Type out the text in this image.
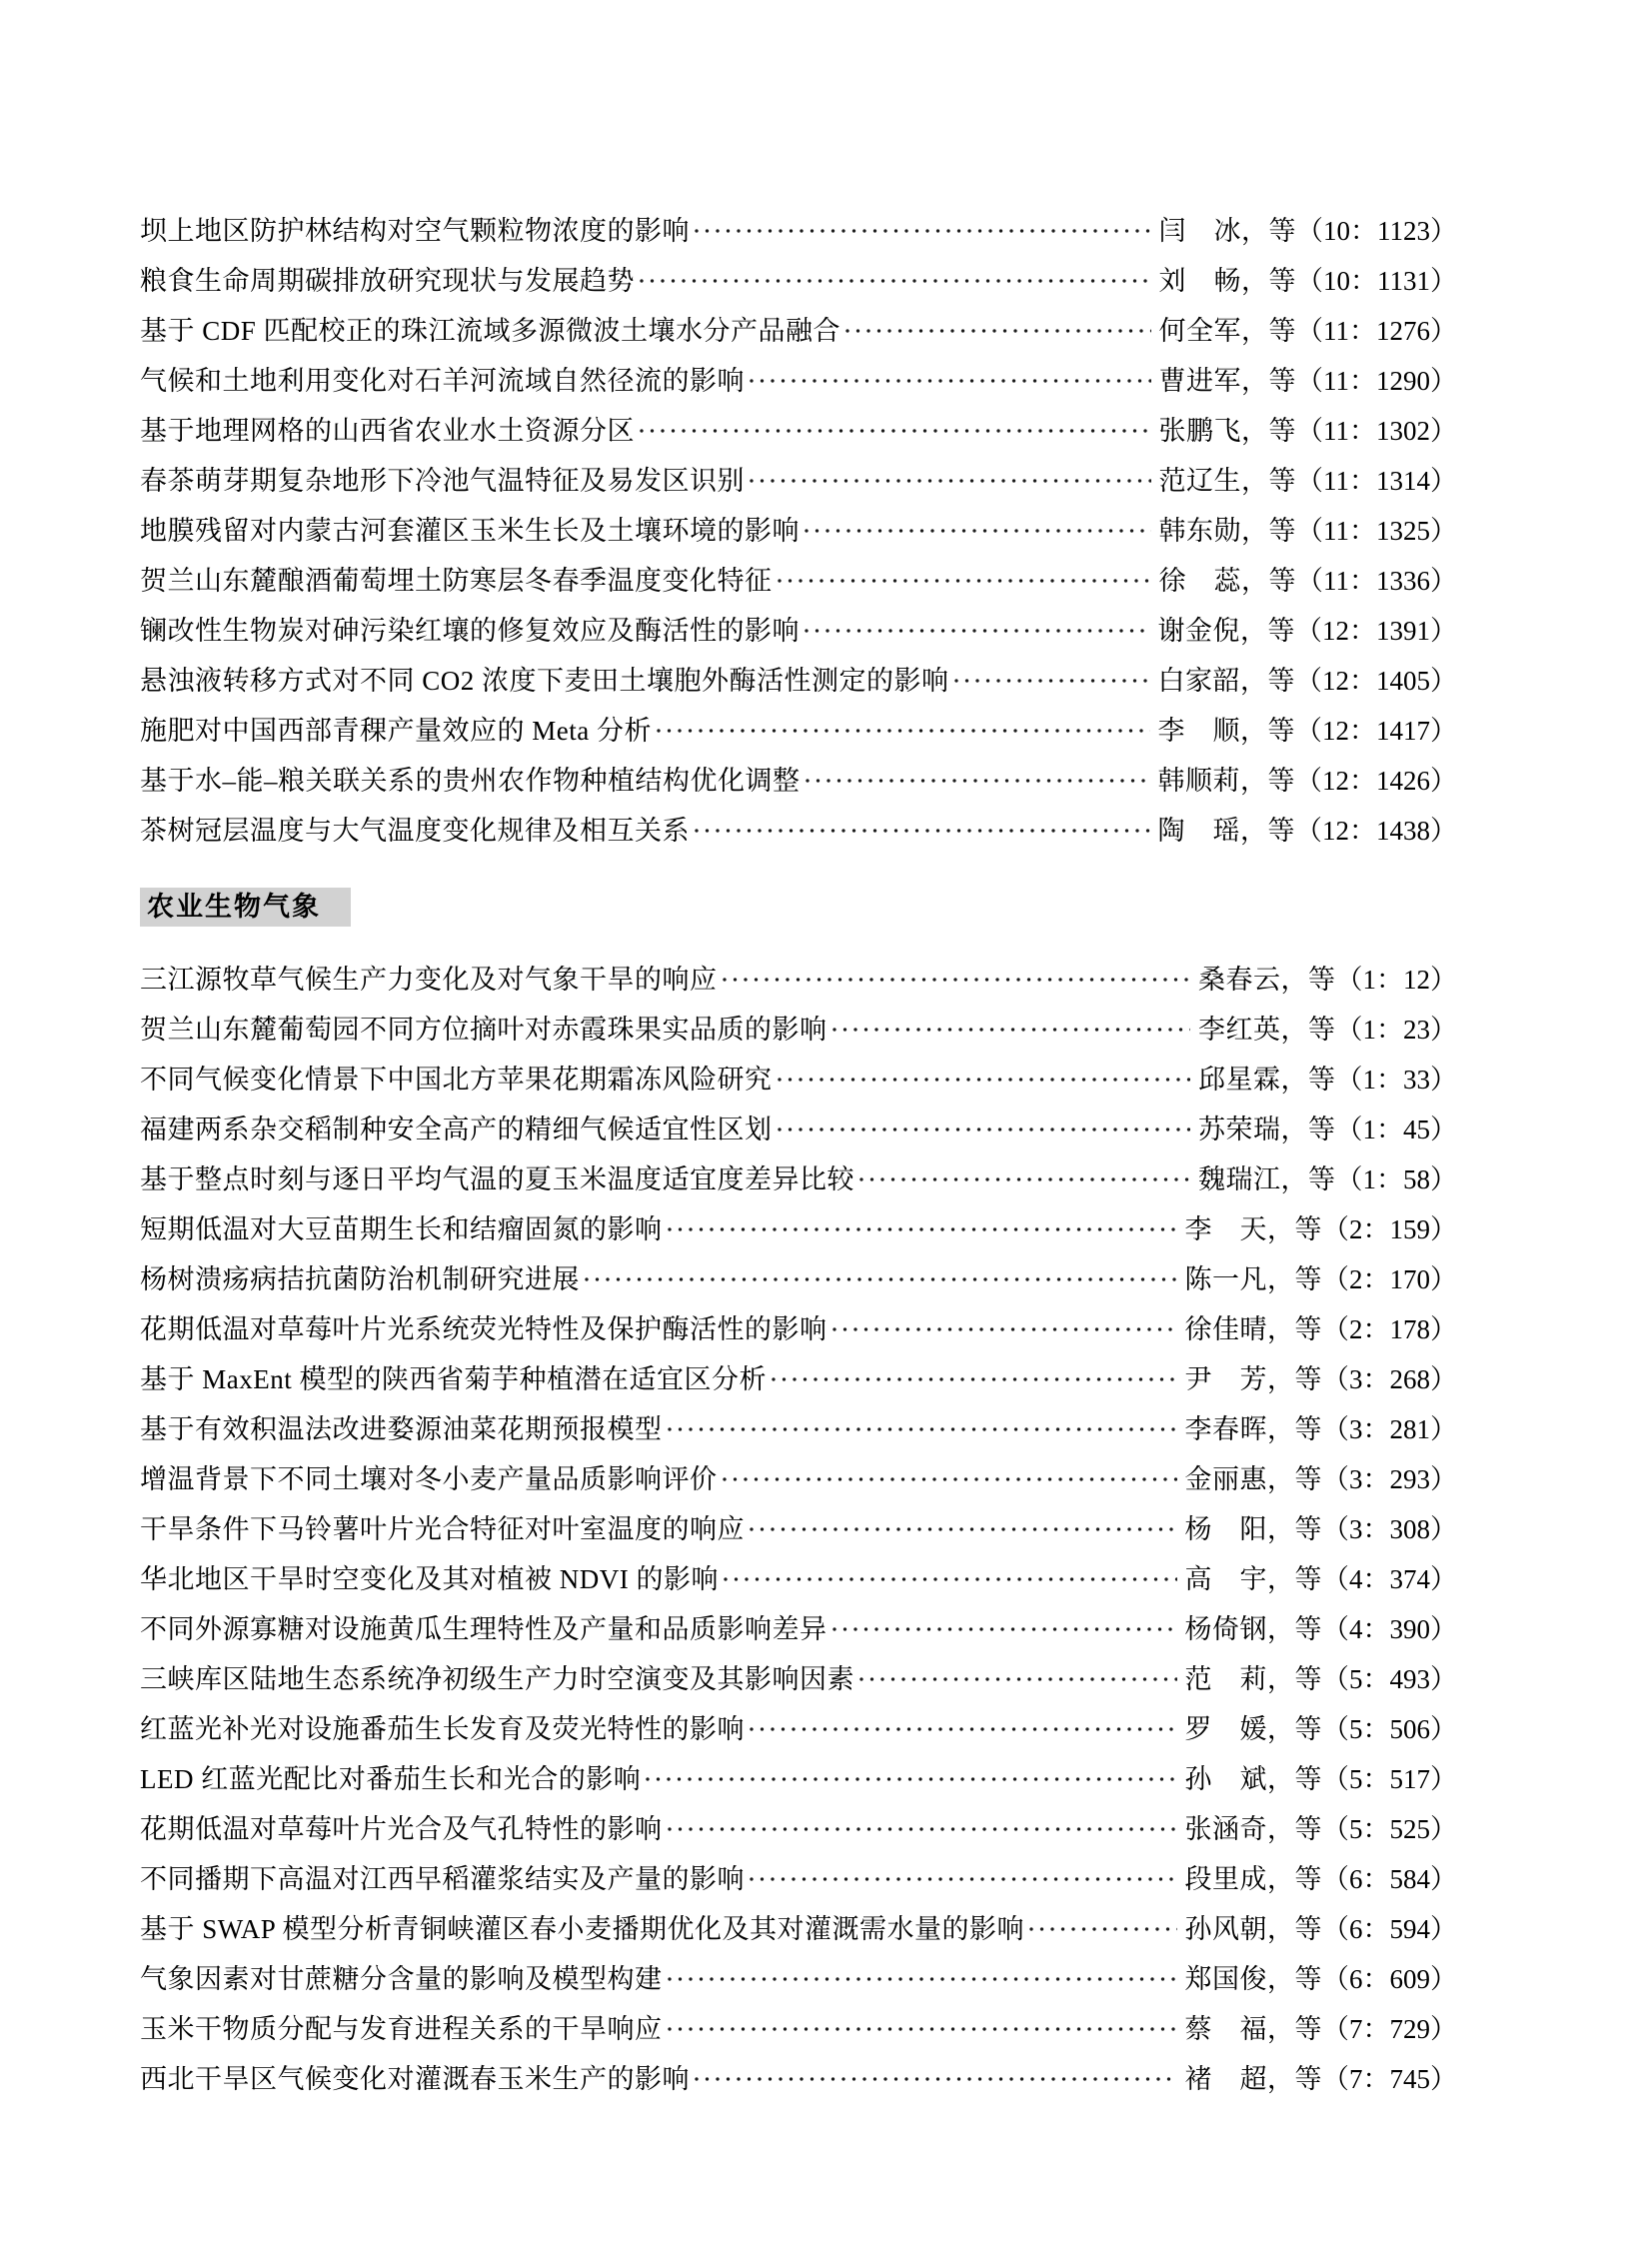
坝上地区防护林结构对空气颗粒物浓度的影响	闫　冰，等 （10：1123）
粮食生命周期碳排放研究现状与发展趋势	刘　畅，等 （10：1131）
基于 CDF 匹配校正的珠江流域多源微波土壤水分产品融合	何全军，等 （11：1276）
气候和土地利用变化对石羊河流域自然径流的影响	曹进军，等 （11：1290）
基于地理网格的山西省农业水土资源分区	张鹏飞，等 （11：1302）
春茶萌芽期复杂地形下冷池气温特征及易发区识别	范辽生，等 （11：1314）
地膜残留对内蒙古河套灌区玉米生长及土壤环境的影响	韩东勋，等 （11：1325）
贺兰山东麓酿酒葡萄埋土防寒层冬春季温度变化特征	徐　蕊，等 （11：1336）
镧改性生物炭对砷污染红壤的修复效应及酶活性的影响	谢金倪，等 （12：1391）
悬浊液转移方式对不同 CO2 浓度下麦田土壤胞外酶活性测定的影响	白家韶，等 （12：1405）
施肥对中国西部青稞产量效应的 Meta 分析	李　顺，等 （12：1417）
基于水–能–粮关联关系的贵州农作物种植结构优化调整	韩顺莉，等 （12：1426）
茶树冠层温度与大气温度变化规律及相互关系	陶　瑶，等 （12：1438）
农业生物气象
三江源牧草气候生产力变化及对气象干旱的响应	桑春云，等 （1：12）
贺兰山东麓葡萄园不同方位摘叶对赤霞珠果实品质的影响	李红英，等 （1：23）
不同气候变化情景下中国北方苹果花期霜冻风险研究	邱星霖，等 （1：33）
福建两系杂交稻制种安全高产的精细气候适宜性区划	苏荣瑞，等 （1：45）
基于整点时刻与逐日平均气温的夏玉米温度适宜度差异比较	魏瑞江，等 （1：58）
短期低温对大豆苗期生长和结瘤固氮的影响	李　天，等 （2：159）
杨树溃疡病拮抗菌防治机制研究进展	陈一凡，等 （2：170）
花期低温对草莓叶片光系统荧光特性及保护酶活性的影响	徐佳晴，等 （2：178）
基于 MaxEnt 模型的陕西省菊芋种植潜在适宜区分析	尹　芳，等 （3：268）
基于有效积温法改进婺源油菜花期预报模型	李春晖，等 （3：281）
增温背景下不同土壤对冬小麦产量品质影响评价	金丽惠，等 （3：293）
干旱条件下马铃薯叶片光合特征对叶室温度的响应	杨　阳，等 （3：308）
华北地区干旱时空变化及其对植被 NDVI 的影响	高　宇，等 （4：374）
不同外源寡糖对设施黄瓜生理特性及产量和品质影响差异	杨倚钢，等 （4：390）
三峡库区陆地生态系统净初级生产力时空演变及其影响因素	范　莉，等 （5：493）
红蓝光补光对设施番茄生长发育及荧光特性的影响	罗　媛，等 （5：506）
LED 红蓝光配比对番茄生长和光合的影响	孙　斌，等 （5：517）
花期低温对草莓叶片光合及气孔特性的影响	张涵奇，等 （5：525）
不同播期下高温对江西早稻灌浆结实及产量的影响	段里成，等 （6：584）
基于 SWAP 模型分析青铜峡灌区春小麦播期优化及其对灌溉需水量的影响	孙风朝，等 （6：594）
气象因素对甘蔗糖分含量的影响及模型构建	郑国俊，等 （6：609）
玉米干物质分配与发育进程关系的干旱响应	蔡　福，等 （7：729）
西北干旱区气候变化对灌溉春玉米生产的影响	褚　超，等 （7：745）
